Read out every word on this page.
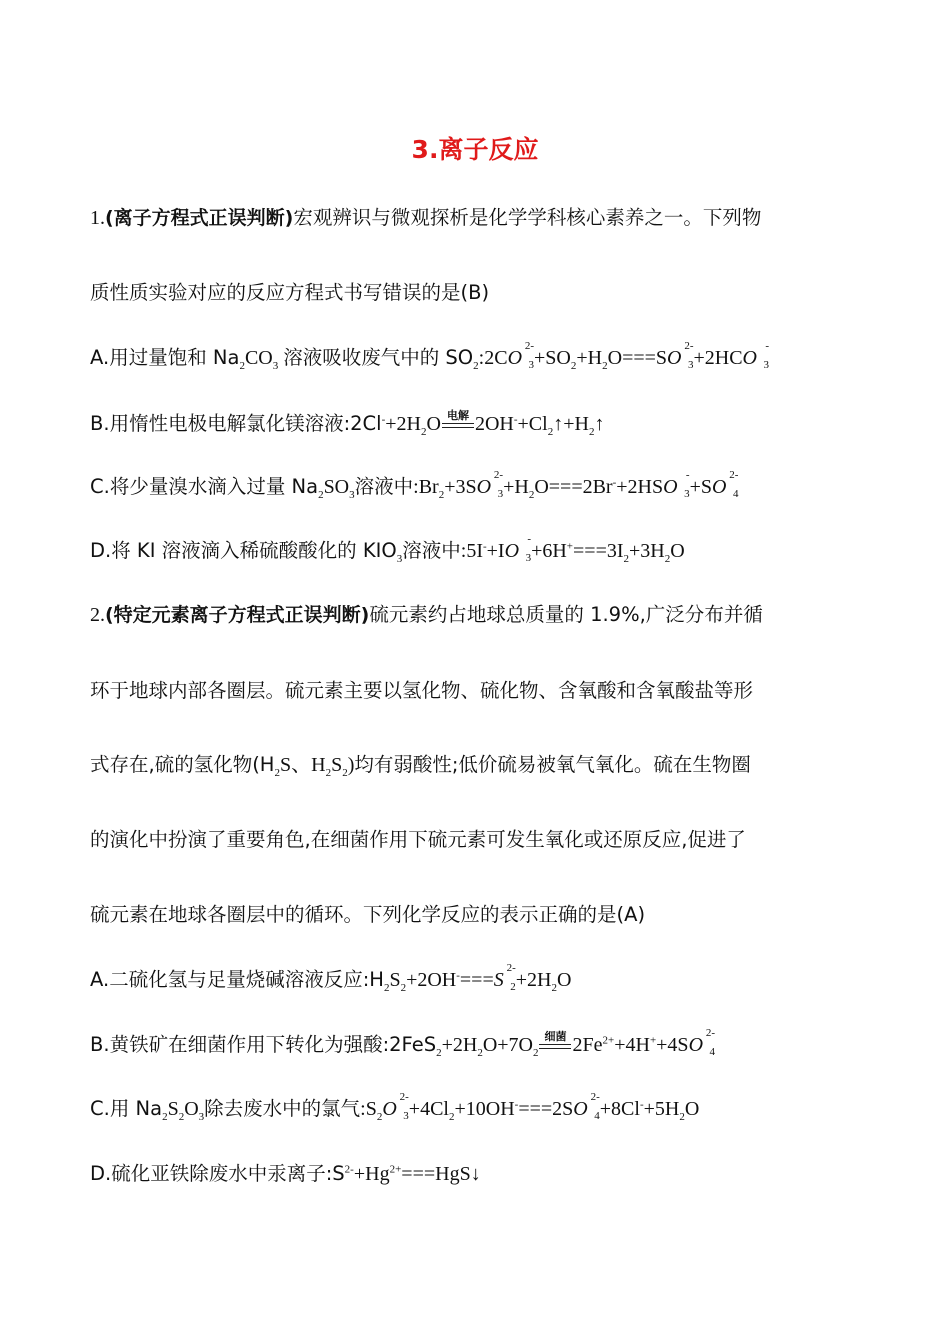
3.离子反应
1.(离子方程式正误判断)宏观辨识与微观探析是化学学科核心素养之一。下列物
质性质实验对应的反应方程式书写错误的是(B)
A.用过量饱和 $Na_2CO_3$ 溶液吸收废气中的 $SO_2:2CO$
2-
$3 +SO_2+H_2O===SO$
2-
3 +2HCO
-
3
B.用惰性电极电解氯化镁溶液$:2Cl^-+2H_2O$ 电解 $2OH^-+Cl_2↑+H_2↑$
C.将少量溴水滴入过量 $Na_2SO_3$溶液中$:Br_2+3SO$
2-
$3 +H_2O===2Br^-+2HSO$
-
3 +SO
2-
4
D.将 KI 溶液滴入稀硫酸酸化的 $KIO_3$溶液中:5I-+IO
-
$3 +6H^+===3I_2+3H_2O$
2.(特定元素离子方程式正误判断)硫元素约占地球总质量的 1.9%,广泛分布并循
环于地球内部各圈层。硫元素主要以氢化物、硫化物、含氧酸和含氧酸盐等形
式存在,硫的氢化物($H_2S$、$H_2S_2$)均有弱酸性;低价硫易被氧气氧化。硫在生物圈
的演化中扮演了重要角色,在细菌作用下硫元素可发生氧化或还原反应,促进了
硫元素在地球各圈层中的循环。下列化学反应的表示正确的是(A)
A.二硫化氢与足量烧碱溶液反应$:H_2S_2+2OH^-===S$
2-
$2 +2H_2O$
B.黄铁矿在细菌作用下转化为强酸$:2FeS_2+2H_2O+7O_2$
细菌 $2Fe^{2+}+4H^++4SO$
2-
4
C.用 $Na_2S_2O_3$除去废水中的氯气$:S_2O$
2-
$3 +4Cl_2+10OH^-===2SO$
2-
$4 +8Cl^-+5H_2O$
D.硫化亚铁除废水中汞离子$:S^{2-}+Hg^{2+}===HgS↓$
